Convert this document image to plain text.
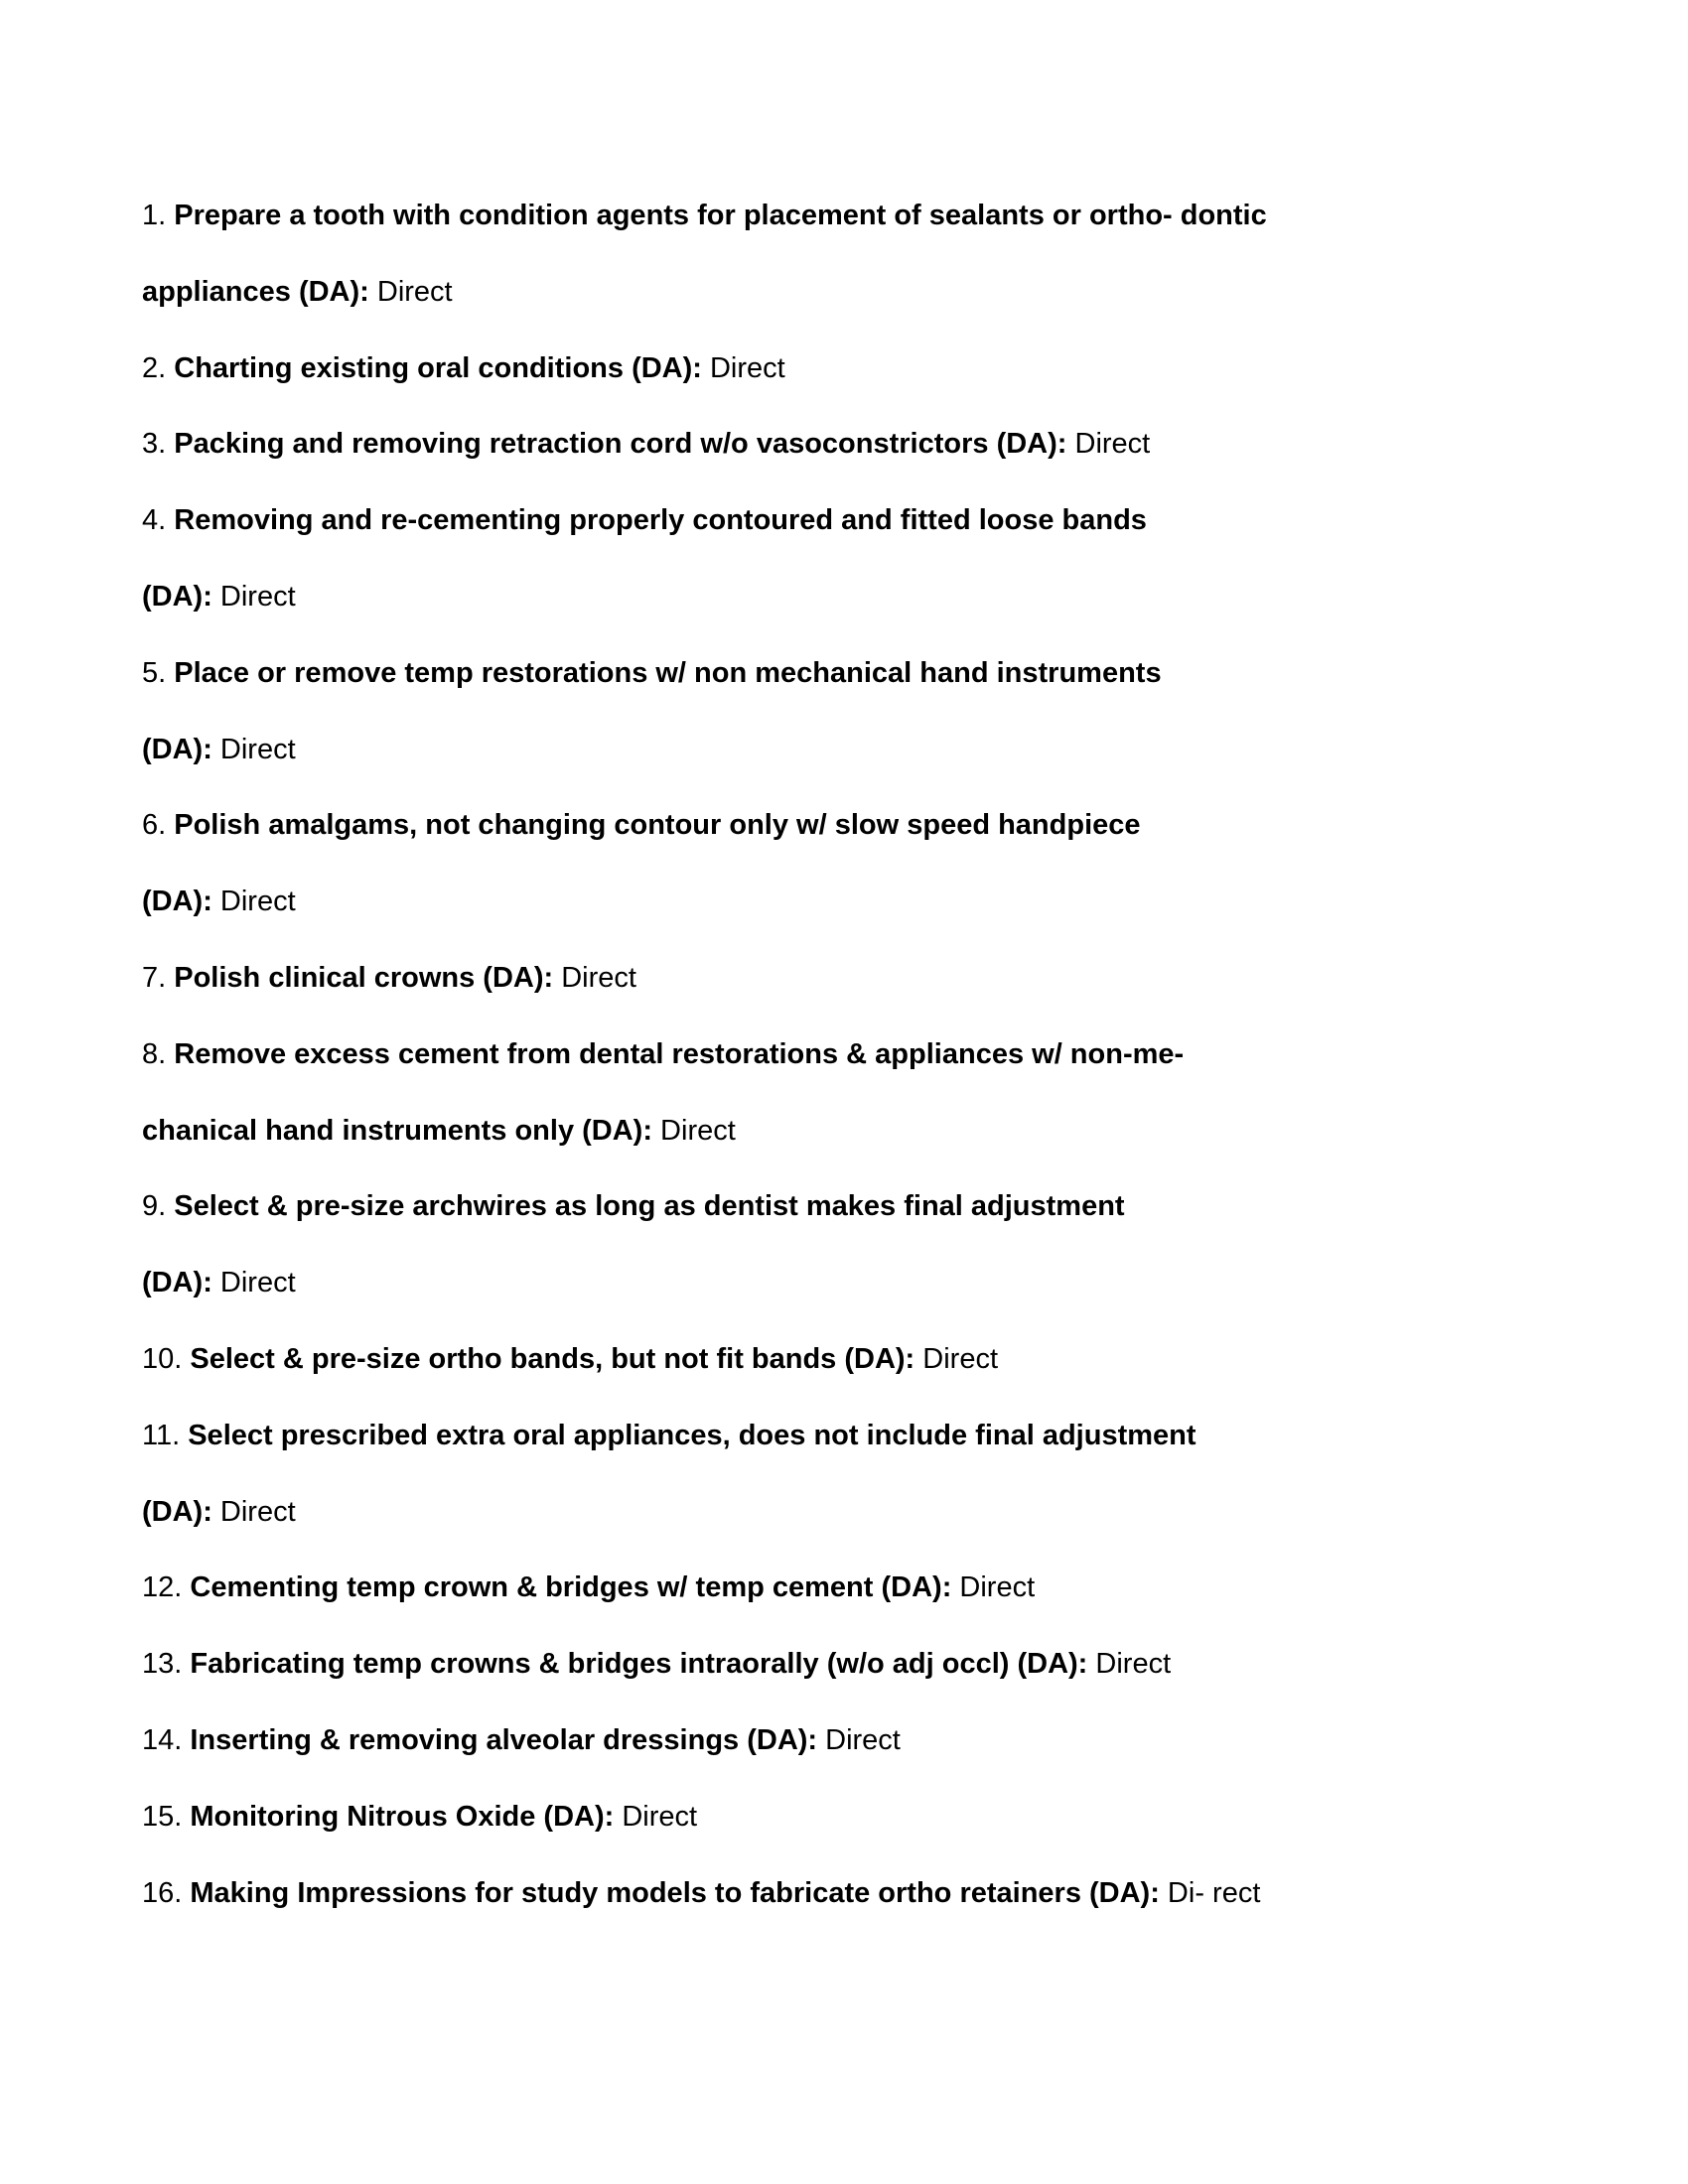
1. Prepare a tooth with condition agents for placement of sealants or ortho- dontic
appliances (DA): Direct
2. Charting existing oral conditions (DA): Direct
3. Packing and removing retraction cord w/o vasoconstrictors (DA): Direct
4. Removing and re-cementing properly contoured and fitted loose bands
(DA): Direct
5. Place or remove temp restorations w/ non mechanical hand instruments
(DA): Direct
6. Polish amalgams, not changing contour only w/ slow speed handpiece
(DA): Direct
7. Polish clinical crowns (DA): Direct
8. Remove excess cement from dental restorations & appliances w/ non-me-
chanical hand instruments only (DA): Direct
9. Select & pre-size archwires as long as dentist makes final adjustment
(DA): Direct
10. Select & pre-size ortho bands, but not fit bands (DA): Direct
11. Select prescribed extra oral appliances, does not include final adjustment
(DA): Direct
12. Cementing temp crown & bridges w/ temp cement (DA): Direct
13. Fabricating temp crowns & bridges intraorally (w/o adj occl) (DA): Direct
14. Inserting & removing alveolar dressings (DA): Direct
15. Monitoring Nitrous Oxide (DA): Direct
16. Making Impressions for study models to fabricate ortho retainers (DA): Di- rect
